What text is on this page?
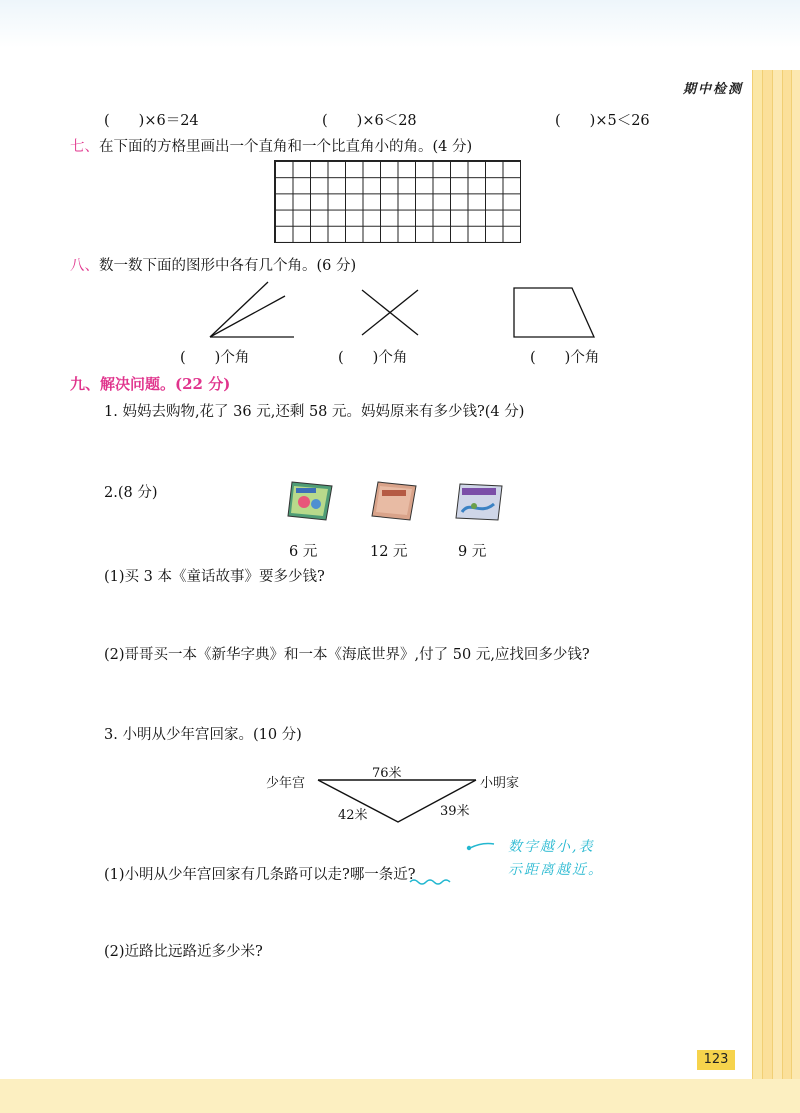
期中检测
(　　)×6＝24	(　　)×6＜28	(　　)×5＜26
七、在下面的方格里画出一个直角和一个比直角小的角。(4 分)
八、数一数下面的图形中各有几个角。(6 分)
(　　)个角	(　　)个角	(　　)个角
九、解决问题。(22 分)
1. 妈妈去购物,花了 36 元,还剩 58 元。妈妈原来有多少钱?(4 分)
2.(8 分)
6 元	12 元	9 元
(1)买 3 本《童话故事》要多少钱?
(2)哥哥买一本《新华字典》和一本《海底世界》,付了 50 元,应找回多少钱?
3. 小明从少年宫回家。(10 分)
少年宫	小明家
76米
42米	39米
(1)小明从少年宫回家有几条路可以走?哪一条近?
数字越小,表
示距离越近。
(2)近路比远路近多少米?
123
